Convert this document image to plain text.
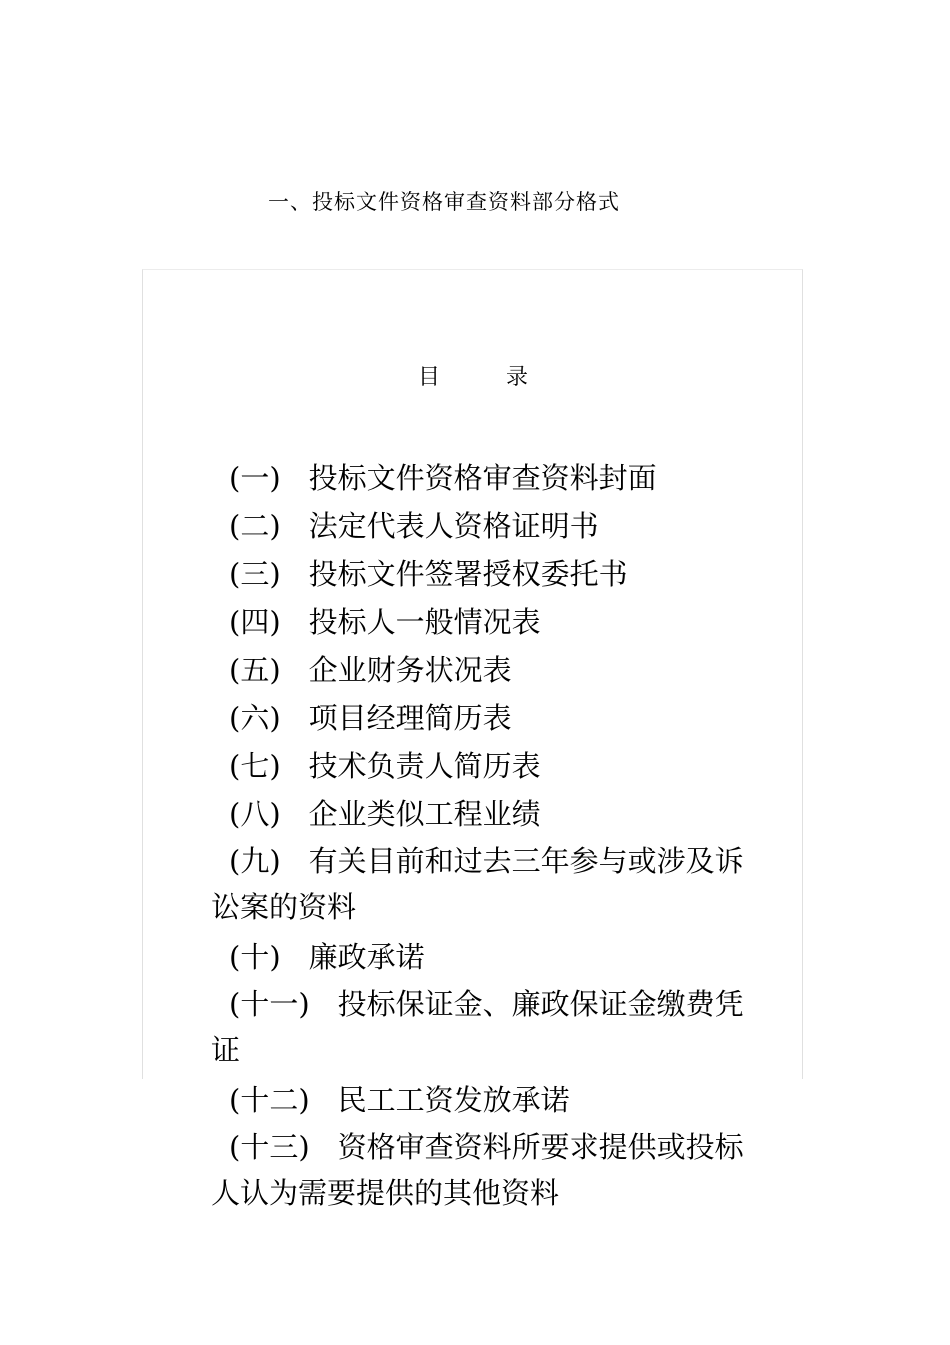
一、投标文件资格审查资料部分格式
目	录
(一) 投标文件资格审查资料封面
(二) 法定代表人资格证明书
(三) 投标文件签署授权委托书
(四) 投标人一般情况表
(五) 企业财务状况表
(六) 项目经理简历表
(七) 技术负责人简历表
(八) 企业类似工程业绩
(九) 有关目前和过去三年参与或涉及诉讼案的资料
(十) 廉政承诺
(十一) 投标保证金、廉政保证金缴费凭证
(十二) 民工工资发放承诺
(十三) 资格审查资料所要求提供或投标人认为需要提供的其他资料
